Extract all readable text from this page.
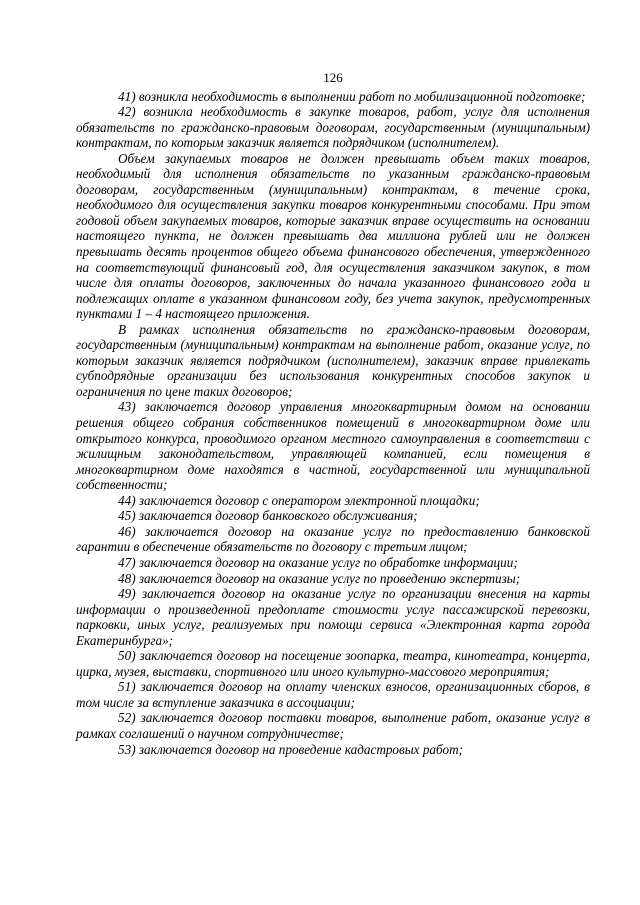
126

41) возникла необходимость в выполнении работ по мобилизационной подготовке;

42) возникла необходимость в закупке товаров, работ, услуг для исполнения обязательств по гражданско-правовым договорам, государственным (муниципальным) контрактам, по которым заказчик является подрядчиком (исполнителем).

Объем закупаемых товаров не должен превышать объем таких товаров, необходимый для исполнения обязательств по указанным гражданско-правовым договорам, государственным (муниципальным) контрактам, в течение срока, необходимого для осуществления закупки товаров конкурентными способами. При этом годовой объем закупаемых товаров, которые заказчик вправе осуществить на основании настоящего пункта, не должен превышать два миллиона рублей или не должен превышать десять процентов общего объема финансового обеспечения, утвержденного на соответствующий финансовый год, для осуществления заказчиком закупок, в том числе для оплаты договоров, заключенных до начала указанного финансового года и подлежащих оплате в указанном финансовом году, без учета закупок, предусмотренных пунктами 1 – 4 настоящего приложения.

В рамках исполнения обязательств по гражданско-правовым договорам, государственным (муниципальным) контрактам на выполнение работ, оказание услуг, по которым заказчик является подрядчиком (исполнителем), заказчик вправе привлекать субподрядные организации без использования конкурентных способов закупок и ограничения по цене таких договоров;

43) заключается договор управления многоквартирным домом на основании решения общего собрания собственников помещений в многоквартирном доме или открытого конкурса, проводимого органом местного самоуправления в соответствии с жилищным законодательством, управляющей компанией, если помещения в многоквартирном доме находятся в частной, государственной или муниципальной собственности;

44) заключается договор с оператором электронной площадки;

45) заключается договор банковского обслуживания;

46) заключается договор на оказание услуг по предоставлению банковской гарантии в обеспечение обязательств по договору с третьим лицом;

47) заключается договор на оказание услуг по обработке информации;

48) заключается договор на оказание услуг по проведению экспертизы;

49) заключается договор на оказание услуг по организации внесения на карты информации о произведенной предоплате стоимости услуг пассажирской перевозки, парковки, иных услуг, реализуемых при помощи сервиса «Электронная карта города Екатеринбурга»;

50) заключается договор на посещение зоопарка, театра, кинотеатра, концерта, цирка, музея, выставки, спортивного или иного культурно-массового мероприятия;

51) заключается договор на оплату членских взносов, организационных сборов, в том числе за вступление заказчика в ассоциации;

52) заключается договор поставки товаров, выполнение работ, оказание услуг в рамках соглашений о научном сотрудничестве;

53) заключается договор на проведение кадастровых работ;
